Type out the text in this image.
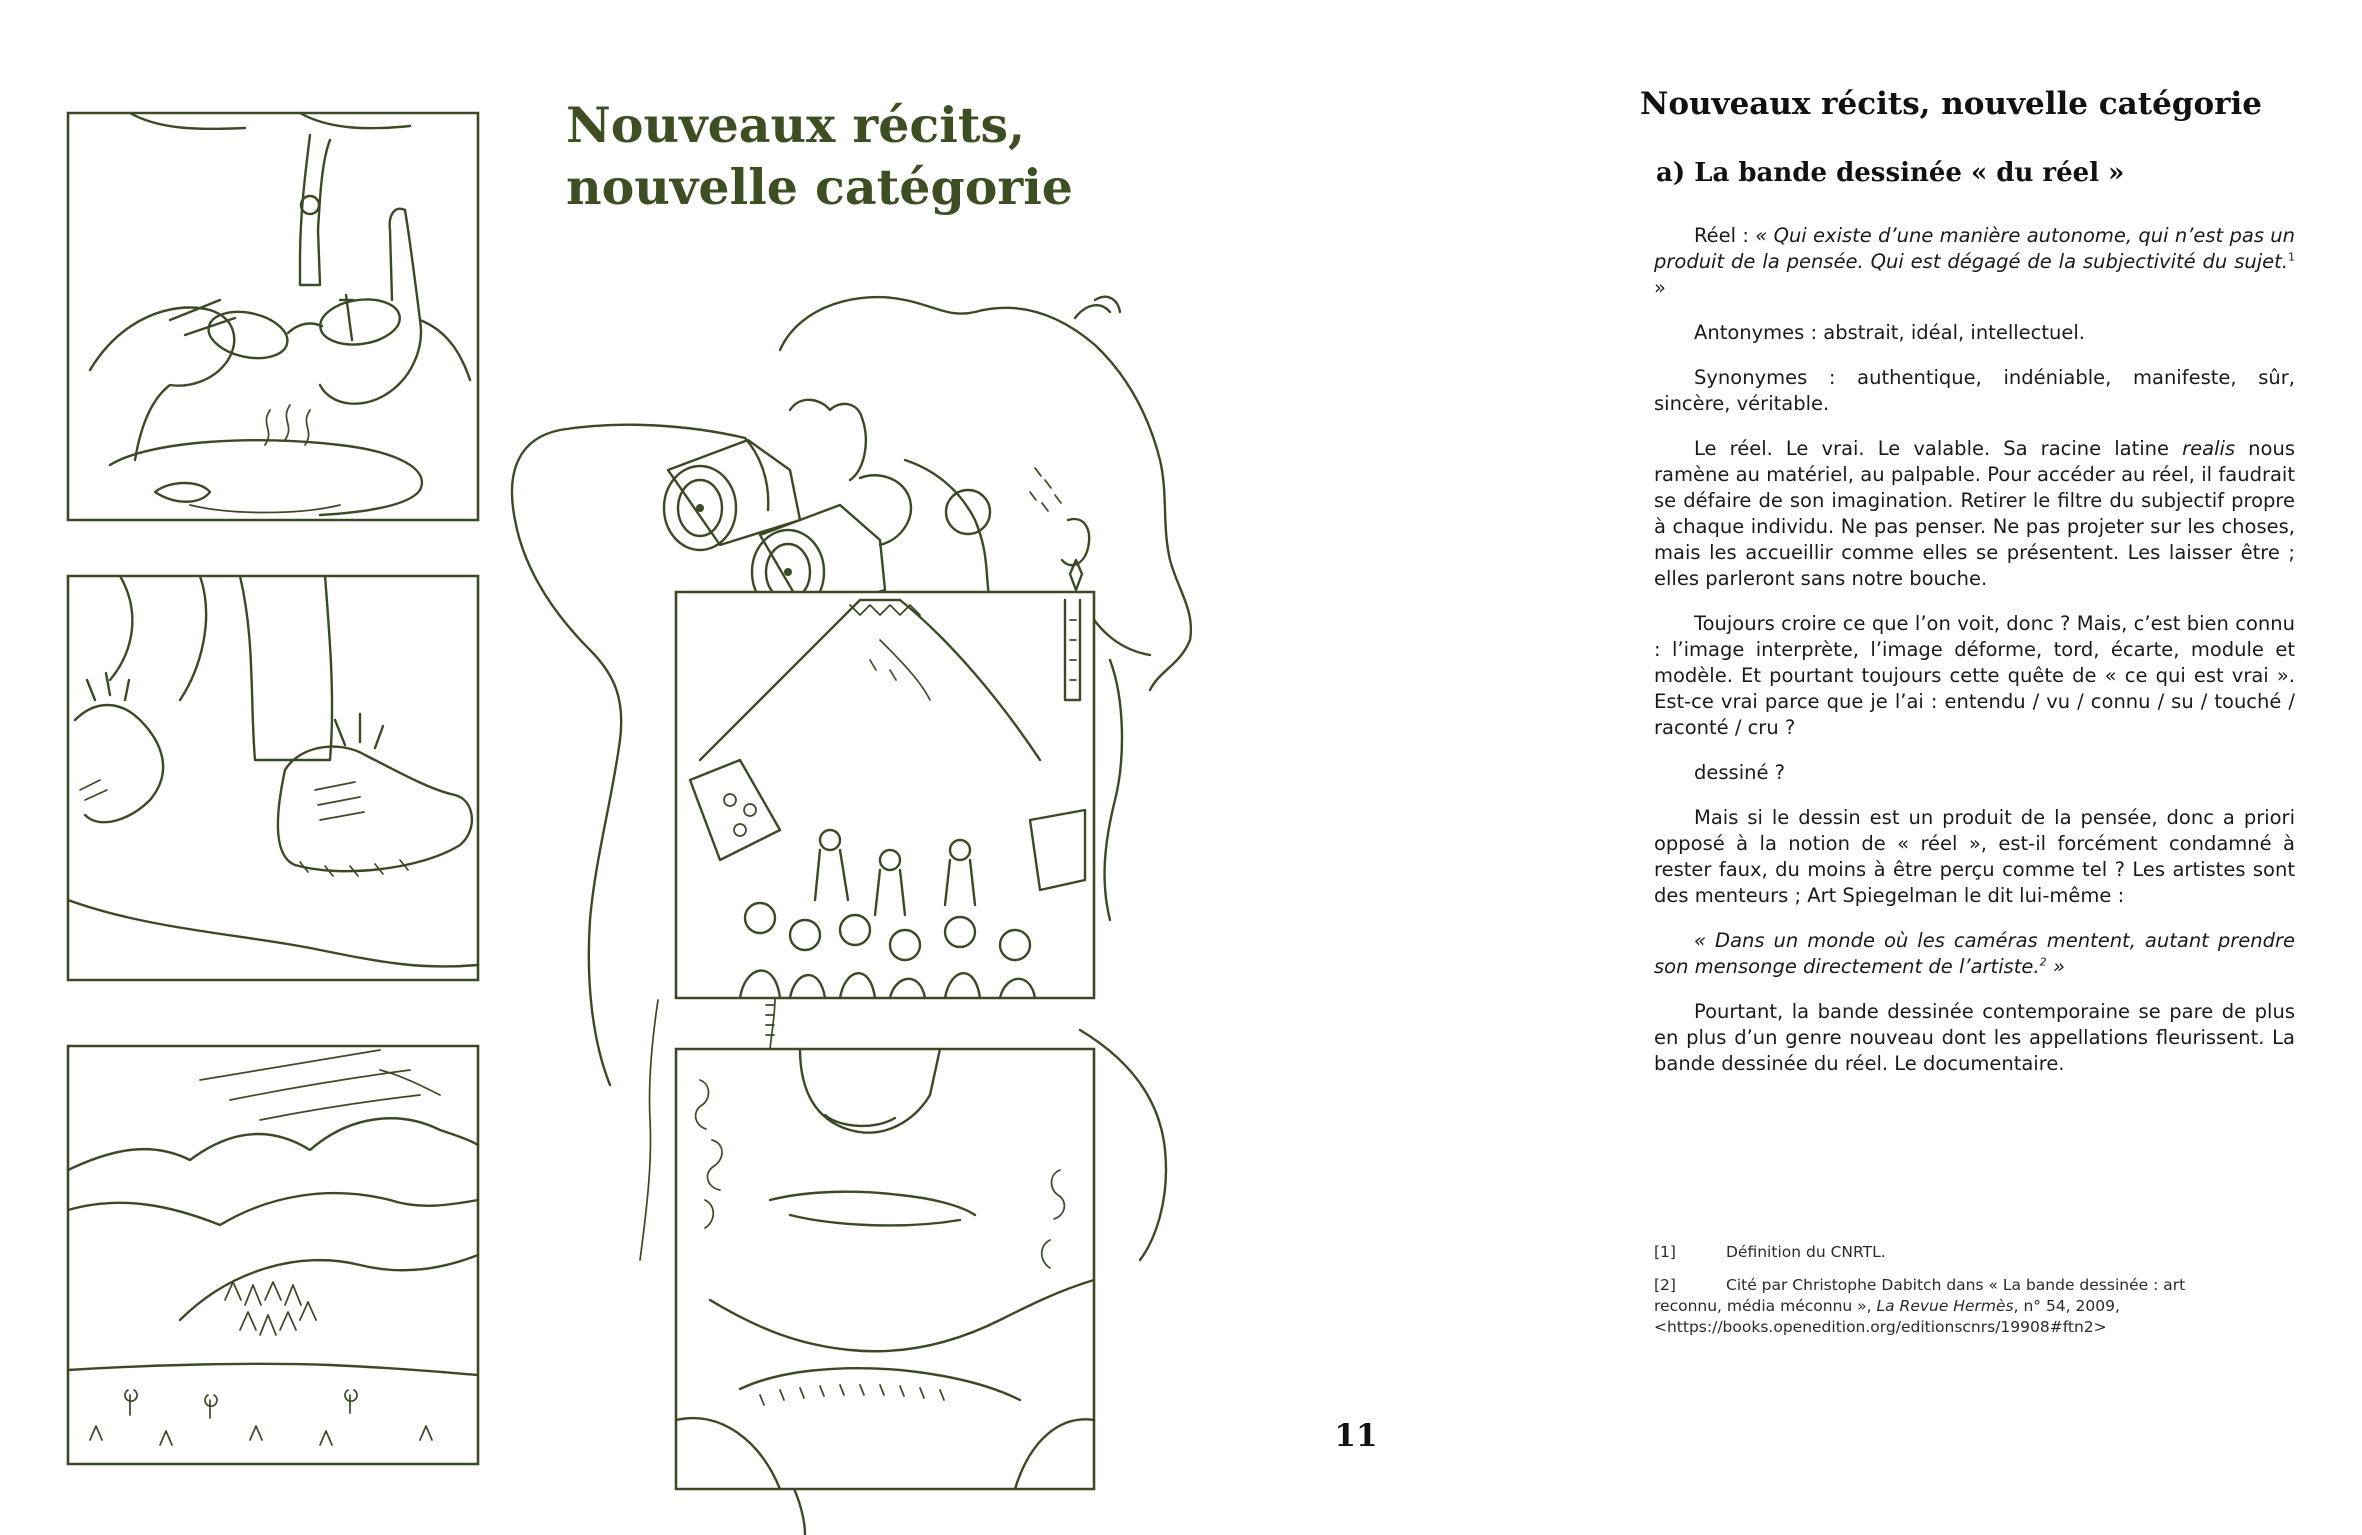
Nouveaux récits,
nouvelle catégorie
11
Nouveaux récits, nouvelle catégorie
a) La bande dessinée « du réel »

Réel : « Qui existe d’une manière autonome, qui n’est pas un produit de la pensée. Qui est dégagé de la subjectivité du sujet.$^1$ »

Antonymes : abstrait, idéal, intellectuel.

Synonymes : authentique, indéniable, manifeste, sûr, sincère, véritable.

Le réel. Le vrai. Le valable. Sa racine latine realis nous ramène au matériel, au palpable. Pour accéder au réel, il faudrait se défaire de son imagination. Retirer le filtre du subjectif propre à chaque individu. Ne pas penser. Ne pas projeter sur les choses, mais les accueillir comme elles se présentent. Les laisser être ; elles parleront sans notre bouche.

Toujours croire ce que l’on voit, donc ? Mais, c’est bien connu : l’image interprète, l’image déforme, tord, écarte, module et modèle. Et pourtant toujours cette quête de « ce qui est vrai ». Est-ce vrai parce que je l’ai : entendu / vu / connu / su / touché / raconté / cru ?

dessiné ?

Mais si le dessin est un produit de la pensée, donc a priori opposé à la notion de « réel », est-il forcément condamné à rester faux, du moins à être perçu comme tel ? Les artistes sont des menteurs ; Art Spiegelman le dit lui-même :

« Dans un monde où les caméras mentent, autant prendre son mensonge directement de l’artiste.$^2$ »

Pourtant, la bande dessinée contemporaine se pare de plus en plus d’un genre nouveau dont les appellations fleurissent. La bande dessinée du réel. Le documentaire.

[1]	Définition du CNRTL.
[2]	Cité par Christophe Dabitch dans « La bande dessinée : art reconnu, média méconnu », La Revue Hermès, n° 54, 2009, <https://books.openedition.org/editionscnrs/19908#ftn2>
